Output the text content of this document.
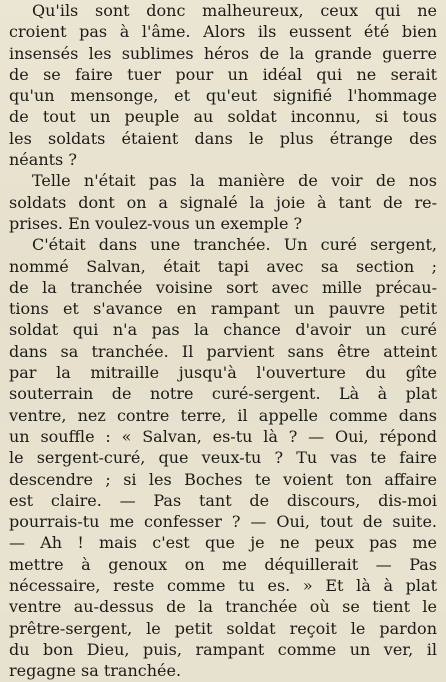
Qu'ils sont donc malheureux, ceux qui ne
croient pas à l'âme. Alors ils eussent été bien
insensés les sublimes héros de la grande guerre
de se faire tuer pour un idéal qui ne serait
qu'un mensonge, et qu'eut signifié l'hommage
de tout un peuple au soldat inconnu, si tous
les soldats étaient dans le plus étrange des
néants ?
Telle n'était pas la manière de voir de nos
soldats dont on a signalé la joie à tant de re-
prises. En voulez-vous un exemple ?
C'était dans une tranchée. Un curé sergent,
nommé Salvan, était tapi avec sa section ;
de la tranchée voisine sort avec mille précau-
tions et s'avance en rampant un pauvre petit
soldat qui n'a pas la chance d'avoir un curé
dans sa tranchée. Il parvient sans être atteint
par la mitraille jusqu'à l'ouverture du gîte
souterrain de notre curé-sergent. Là à plat
ventre, nez contre terre, il appelle comme dans
un souffle : « Salvan, es-tu là ? — Oui, répond
le sergent-curé, que veux-tu ? Tu vas te faire
descendre ; si les Boches te voient ton affaire
est claire. — Pas tant de discours, dis-moi
pourrais-tu me confesser ? — Oui, tout de suite.
— Ah ! mais c'est que je ne peux pas me
mettre à genoux on me déquillerait — Pas
nécessaire, reste comme tu es. » Et là à plat
ventre au-dessus de la tranchée où se tient le
prêtre-sergent, le petit soldat reçoit le pardon
du bon Dieu, puis, rampant comme un ver, il
regagne sa tranchée.
